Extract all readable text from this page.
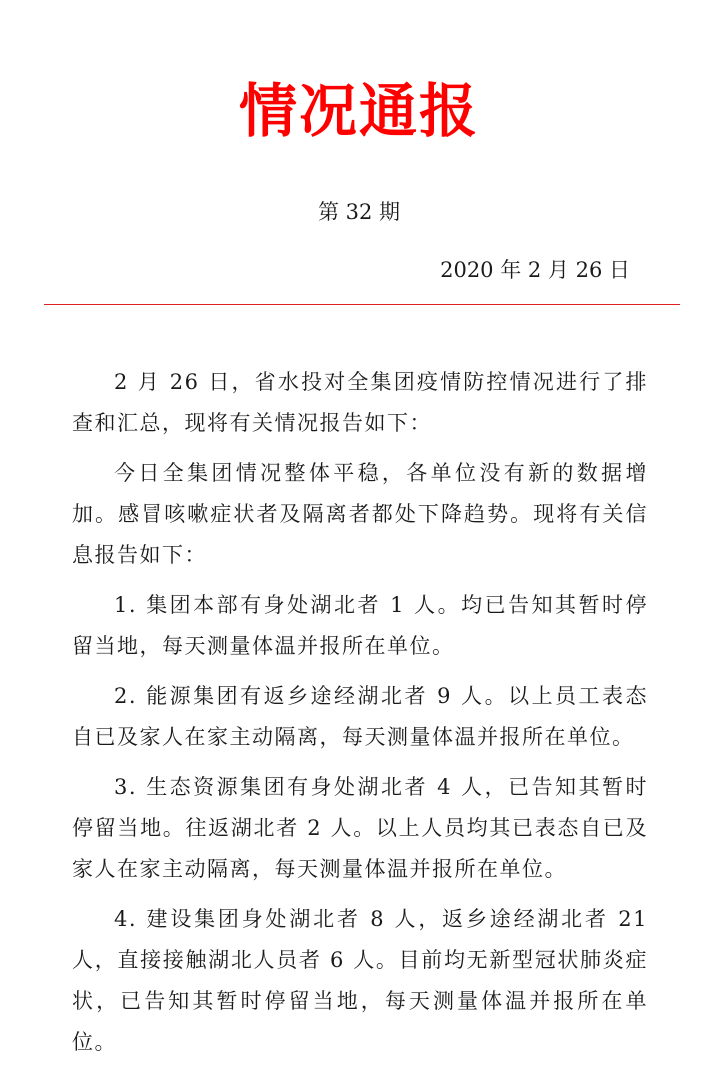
情况通报
第 32 期
2020 年 2 月 26 日

2 月 26 日，省水投对全集团疫情防控情况进行了排查和汇总，现将有关情况报告如下：

今日全集团情况整体平稳，各单位没有新的数据增加。感冒咳嗽症状者及隔离者都处下降趋势。现将有关信息报告如下：

1. 集团本部有身处湖北者 1 人。均已告知其暂时停留当地，每天测量体温并报所在单位。

2. 能源集团有返乡途经湖北者 9 人。以上员工表态自已及家人在家主动隔离，每天测量体温并报所在单位。

3. 生态资源集团有身处湖北者 4 人，已告知其暂时停留当地。往返湖北者 2 人。以上人员均其已表态自已及家人在家主动隔离，每天测量体温并报所在单位。

4. 建设集团身处湖北者 8 人，返乡途经湖北者 21 人，直接接触湖北人员者 6 人。目前均无新型冠状肺炎症状，已告知其暂时停留当地，每天测量体温并报所在单位。
